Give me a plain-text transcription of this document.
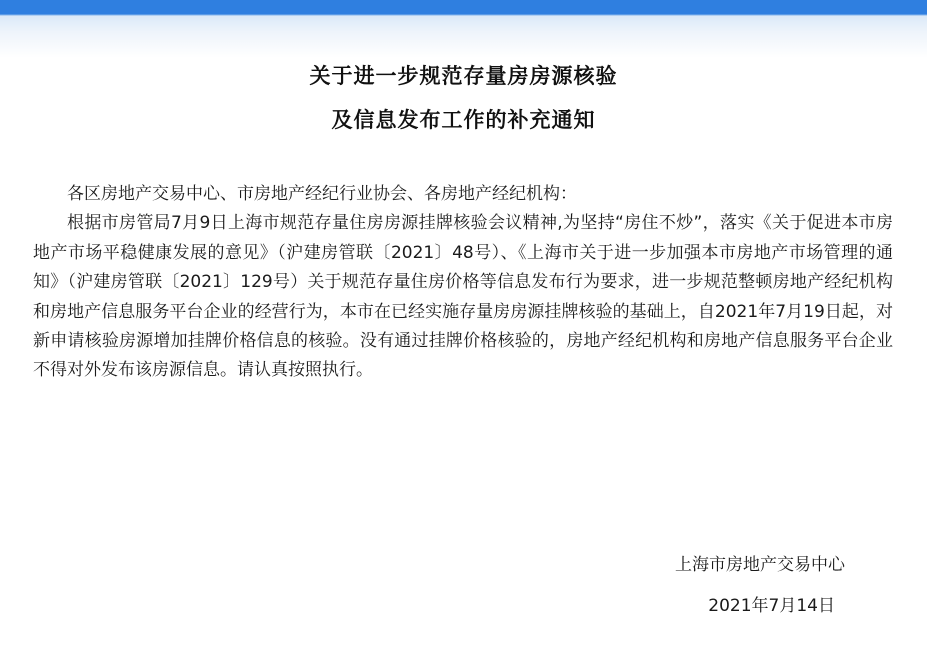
关于进一步规范存量房房源核验
及信息发布工作的补充通知

各区房地产交易中心、市房地产经纪行业协会、各房地产经纪机构：

根据市房管局7月9日上海市规范存量住房房源挂牌核验会议精神,为坚持“房住不炒”，落实《关于促进本市房地产市场平稳健康发展的意见》（沪建房管联〔2021〕48号）、《上海市关于进一步加强本市房地产市场管理的通知》（沪建房管联〔2021〕129号）关于规范存量住房价格等信息发布行为要求，进一步规范整顿房地产经纪机构和房地产信息服务平台企业的经营行为，本市在已经实施存量房房源挂牌核验的基础上，自2021年7月19日起，对新申请核验房源增加挂牌价格信息的核验。没有通过挂牌价格核验的，房地产经纪机构和房地产信息服务平台企业不得对外发布该房源信息。请认真按照执行。

上海市房地产交易中心
2021年7月14日
